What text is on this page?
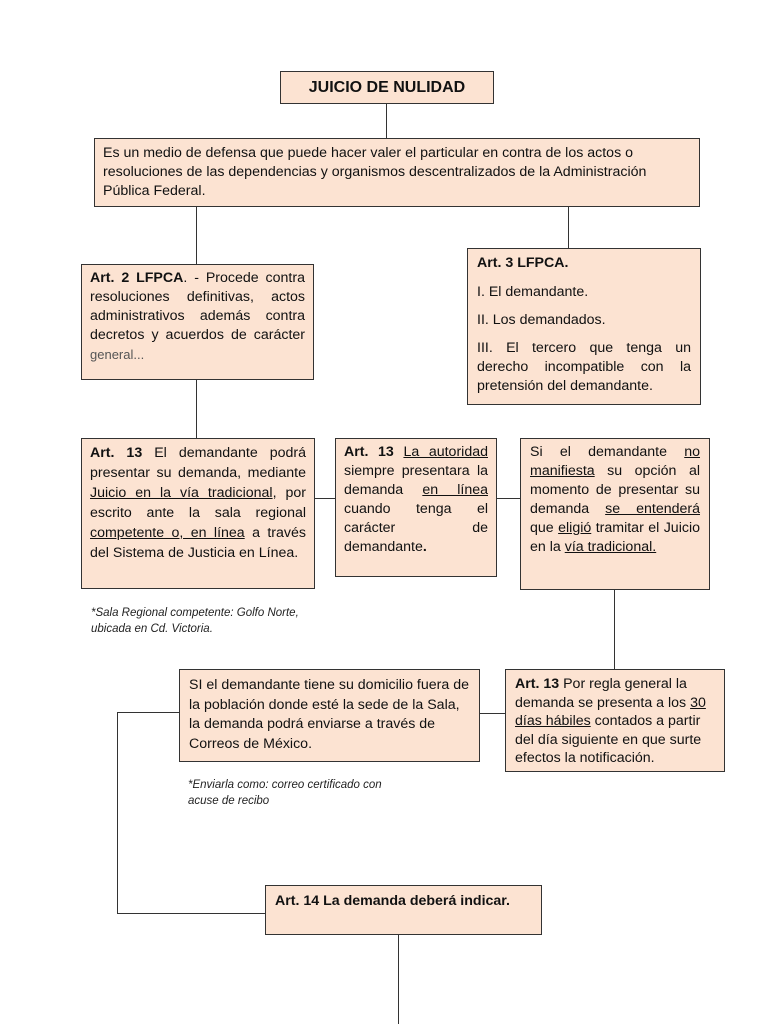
JUICIO DE NULIDAD
Es un medio de defensa que puede hacer valer el particular en contra de los actos o resoluciones de las dependencias y organismos descentralizados de la Administración Pública Federal.
Art. 2 LFPCA. - Procede contra resoluciones definitivas, actos administrativos además contra decretos y acuerdos de carácter general...
Art. 3 LFPCA.
I. El demandante.
II. Los demandados.
III. El tercero que tenga un derecho incompatible con la pretensión del demandante.
Art. 13 El demandante podrá presentar su demanda, mediante Juicio en la vía tradicional, por escrito ante la sala regional competente o, en línea a través del Sistema de Justicia en Línea.
Art. 13 La autoridad siempre presentara la demanda en línea cuando tenga el carácter de demandante.
Si el demandante no manifiesta su opción al momento de presentar su demanda se entenderá que eligió tramitar el Juicio en la vía tradicional.
*Sala Regional competente: Golfo Norte, ubicada en Cd. Victoria.
SI el demandante tiene su domicilio fuera de la población donde esté la sede de la Sala, la demanda podrá enviarse a través de Correos de México.
Art. 13 Por regla general la demanda se presenta a los 30 días hábiles contados a partir del día siguiente en que surte efectos la notificación.
*Enviarla como: correo certificado con acuse de recibo
Art. 14 La demanda deberá indicar.
